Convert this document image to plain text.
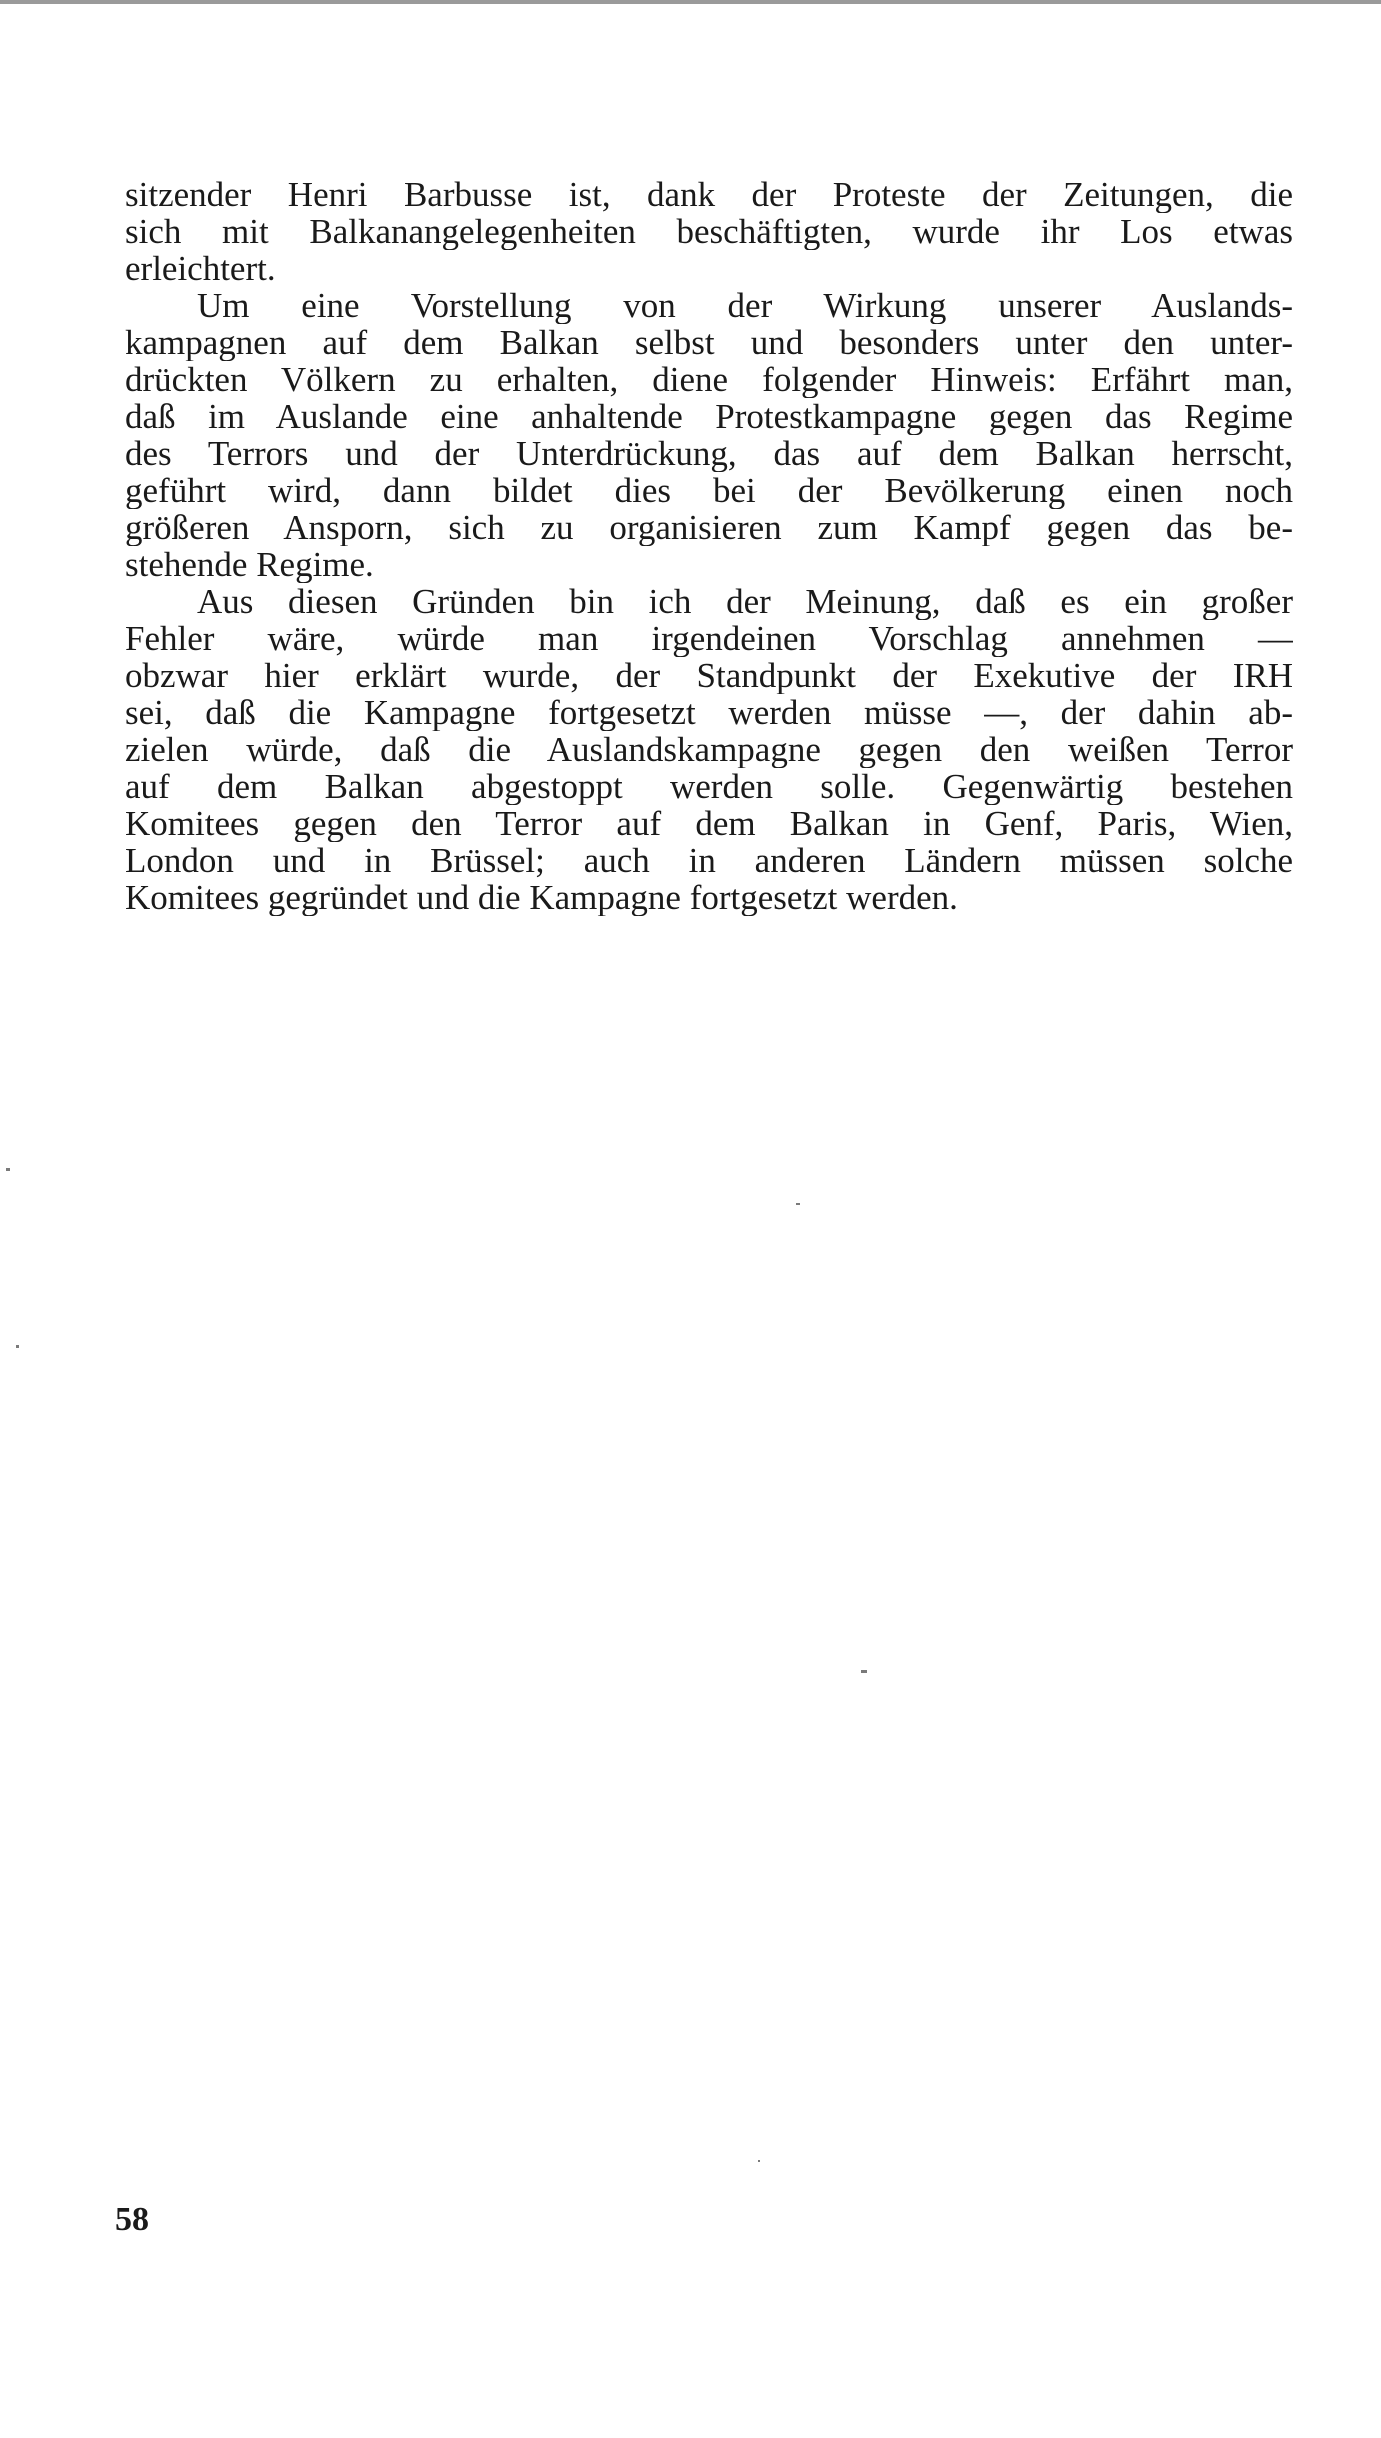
sitzender Henri Barbusse ist, dank der Proteste der Zeitungen, die
sich mit Balkanangelegenheiten beschäftigten, wurde ihr Los etwas
erleichtert.
Um eine Vorstellung von der Wirkung unserer Auslands-
kampagnen auf dem Balkan selbst und besonders unter den unter-
drückten Völkern zu erhalten, diene folgender Hinweis: Erfährt man,
daß im Auslande eine anhaltende Protestkampagne gegen das Regime
des Terrors und der Unterdrückung, das auf dem Balkan herrscht,
geführt wird, dann bildet dies bei der Bevölkerung einen noch
größeren Ansporn, sich zu organisieren zum Kampf gegen das be-
stehende Regime.
Aus diesen Gründen bin ich der Meinung, daß es ein großer
Fehler wäre, würde man irgendeinen Vorschlag annehmen —
obzwar hier erklärt wurde, der Standpunkt der Exekutive der IRH
sei, daß die Kampagne fortgesetzt werden müsse —, der dahin ab-
zielen würde, daß die Auslandskampagne gegen den weißen Terror
auf dem Balkan abgestoppt werden solle. Gegenwärtig bestehen
Komitees gegen den Terror auf dem Balkan in Genf, Paris, Wien,
London und in Brüssel; auch in anderen Ländern müssen solche
Komitees gegründet und die Kampagne fortgesetzt werden.
58
